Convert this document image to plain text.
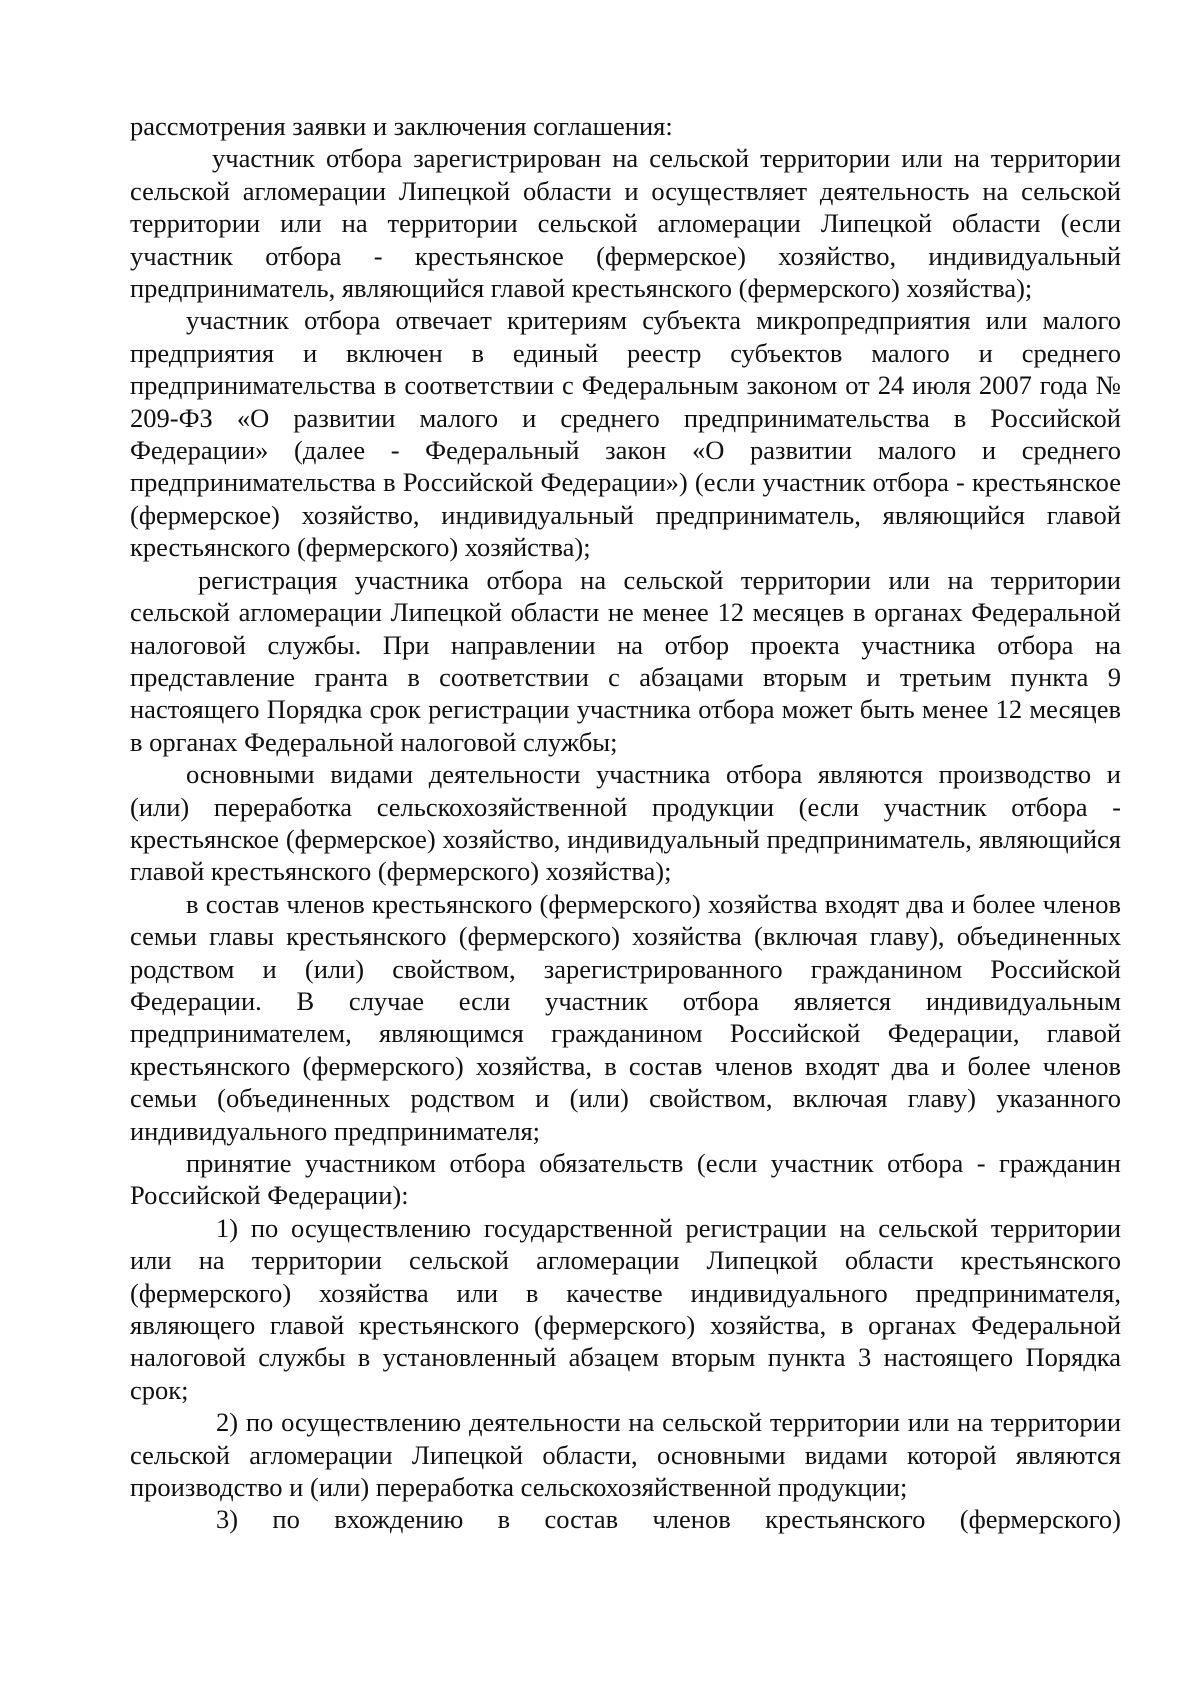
рассмотрения заявки и заключения соглашения:

участник отбора зарегистрирован на сельской территории или на территории сельской агломерации Липецкой области и осуществляет деятельность на сельской территории или на территории сельской агломерации Липецкой области (если участник отбора - крестьянское (фермерское) хозяйство, индивидуальный предприниматель, являющийся главой крестьянского (фермерского) хозяйства);

участник отбора отвечает критериям субъекта микропредприятия или малого предприятия и включен в единый реестр субъектов малого и среднего предпринимательства в соответствии с Федеральным законом от 24 июля 2007 года № 209-ФЗ «О развитии малого и среднего предпринимательства в Российской Федерации» (далее - Федеральный закон «О развитии малого и среднего предпринимательства в Российской Федерации») (если участник отбора - крестьянское (фермерское) хозяйство, индивидуальный предприниматель, являющийся главой крестьянского (фермерского) хозяйства);

регистрация участника отбора на сельской территории или на территории сельской агломерации Липецкой области не менее 12 месяцев в органах Федеральной налоговой службы. При направлении на отбор проекта участника отбора на представление гранта в соответствии с абзацами вторым и третьим пункта 9 настоящего Порядка срок регистрации участника отбора может быть менее 12 месяцев в органах Федеральной налоговой службы;

основными видами деятельности участника отбора являются производство и (или) переработка сельскохозяйственной продукции (если участник отбора - крестьянское (фермерское) хозяйство, индивидуальный предприниматель, являющийся главой крестьянского (фермерского) хозяйства);

в состав членов крестьянского (фермерского) хозяйства входят два и более членов семьи главы крестьянского (фермерского) хозяйства (включая главу), объединенных родством и (или) свойством, зарегистрированного гражданином Российской Федерации. В случае если участник отбора является индивидуальным предпринимателем, являющимся гражданином Российской Федерации, главой крестьянского (фермерского) хозяйства, в состав членов входят два и более членов семьи (объединенных родством и (или) свойством, включая главу) указанного индивидуального предпринимателя;

принятие участником отбора обязательств (если участник отбора - гражданин Российской Федерации):

1) по осуществлению государственной регистрации на сельской территории или на территории сельской агломерации Липецкой области крестьянского (фермерского) хозяйства или в качестве индивидуального предпринимателя, являющего главой крестьянского (фермерского) хозяйства, в органах Федеральной налоговой службы в установленный абзацем вторым пункта 3 настоящего Порядка срок;

2) по осуществлению деятельности на сельской территории или на территории сельской агломерации Липецкой области, основными видами которой являются производство и (или) переработка сельскохозяйственной продукции;

3) по вхождению в состав членов крестьянского (фермерского)
